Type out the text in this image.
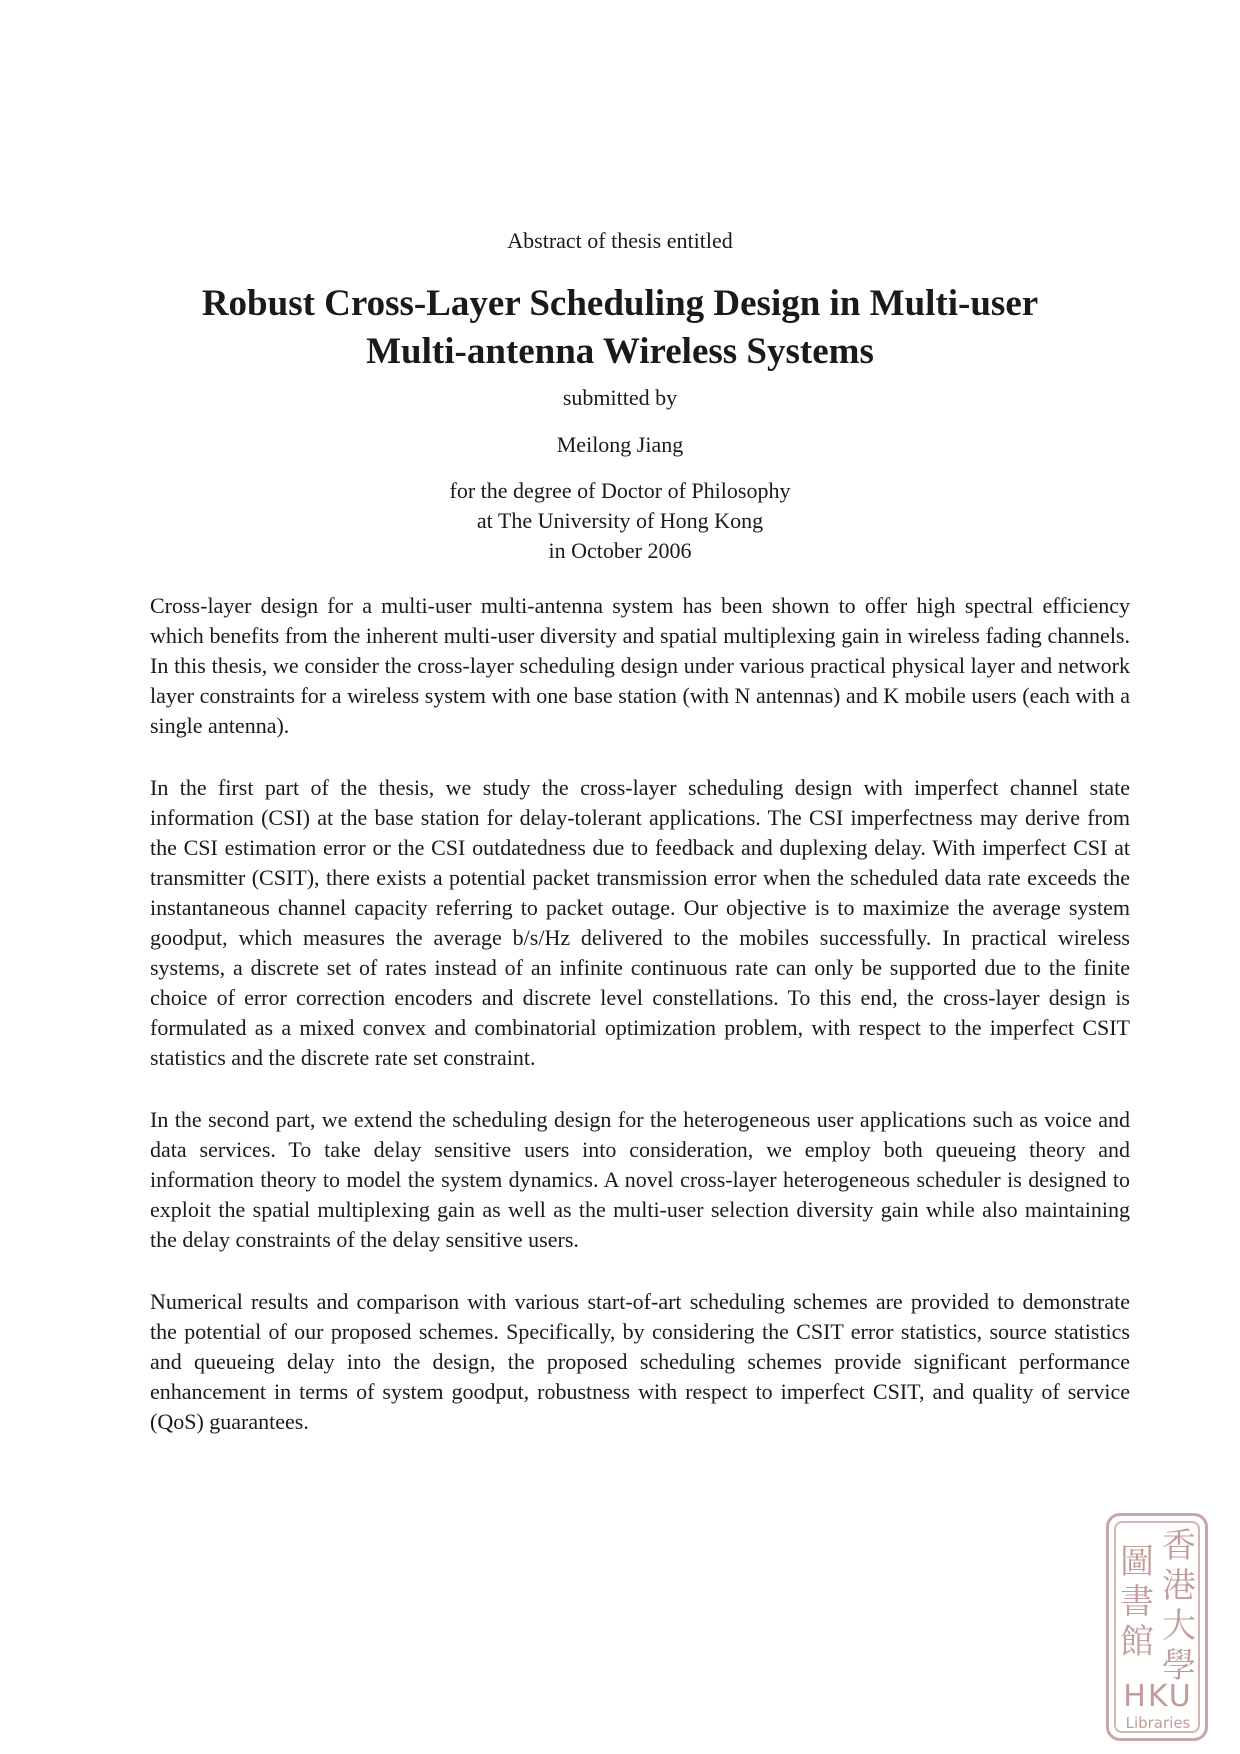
Abstract of thesis entitled

Robust Cross-Layer Scheduling Design in Multi-user
Multi-antenna Wireless Systems

submitted by

Meilong Jiang

for the degree of Doctor of Philosophy
at The University of Hong Kong
in October 2006

Cross-layer design for a multi-user multi-antenna system has been shown to offer high spectral efficiency which benefits from the inherent multi-user diversity and spatial multiplexing gain in wireless fading channels. In this thesis, we consider the cross-layer scheduling design under various practical physical layer and network layer constraints for a wireless system with one base station (with N antennas) and K mobile users (each with a single antenna).

In the first part of the thesis, we study the cross-layer scheduling design with imperfect channel state information (CSI) at the base station for delay-tolerant applications. The CSI imperfectness may derive from the CSI estimation error or the CSI outdatedness due to feedback and duplexing delay. With imperfect CSI at transmitter (CSIT), there exists a potential packet transmission error when the scheduled data rate exceeds the instantaneous channel capacity referring to packet outage. Our objective is to maximize the average system goodput, which measures the average b/s/Hz delivered to the mobiles successfully. In practical wireless systems, a discrete set of rates instead of an infinite continuous rate can only be supported due to the finite choice of error correction encoders and discrete level constellations. To this end, the cross-layer design is formulated as a mixed convex and combinatorial optimization problem, with respect to the imperfect CSIT statistics and the discrete rate set constraint.

In the second part, we extend the scheduling design for the heterogeneous user applications such as voice and data services. To take delay sensitive users into consideration, we employ both queueing theory and information theory to model the system dynamics. A novel cross-layer heterogeneous scheduler is designed to exploit the spatial multiplexing gain as well as the multi-user selection diversity gain while also maintaining the delay constraints of the delay sensitive users.

Numerical results and comparison with various start-of-art scheduling schemes are provided to demonstrate the potential of our proposed schemes. Specifically, by considering the CSIT error statistics, source statistics and queueing delay into the design, the proposed scheduling schemes provide significant performance enhancement in terms of system goodput, robustness with respect to imperfect CSIT, and quality of service (QoS) guarantees.

圖
書
館
香
港
大
學
HKU
Libraries
